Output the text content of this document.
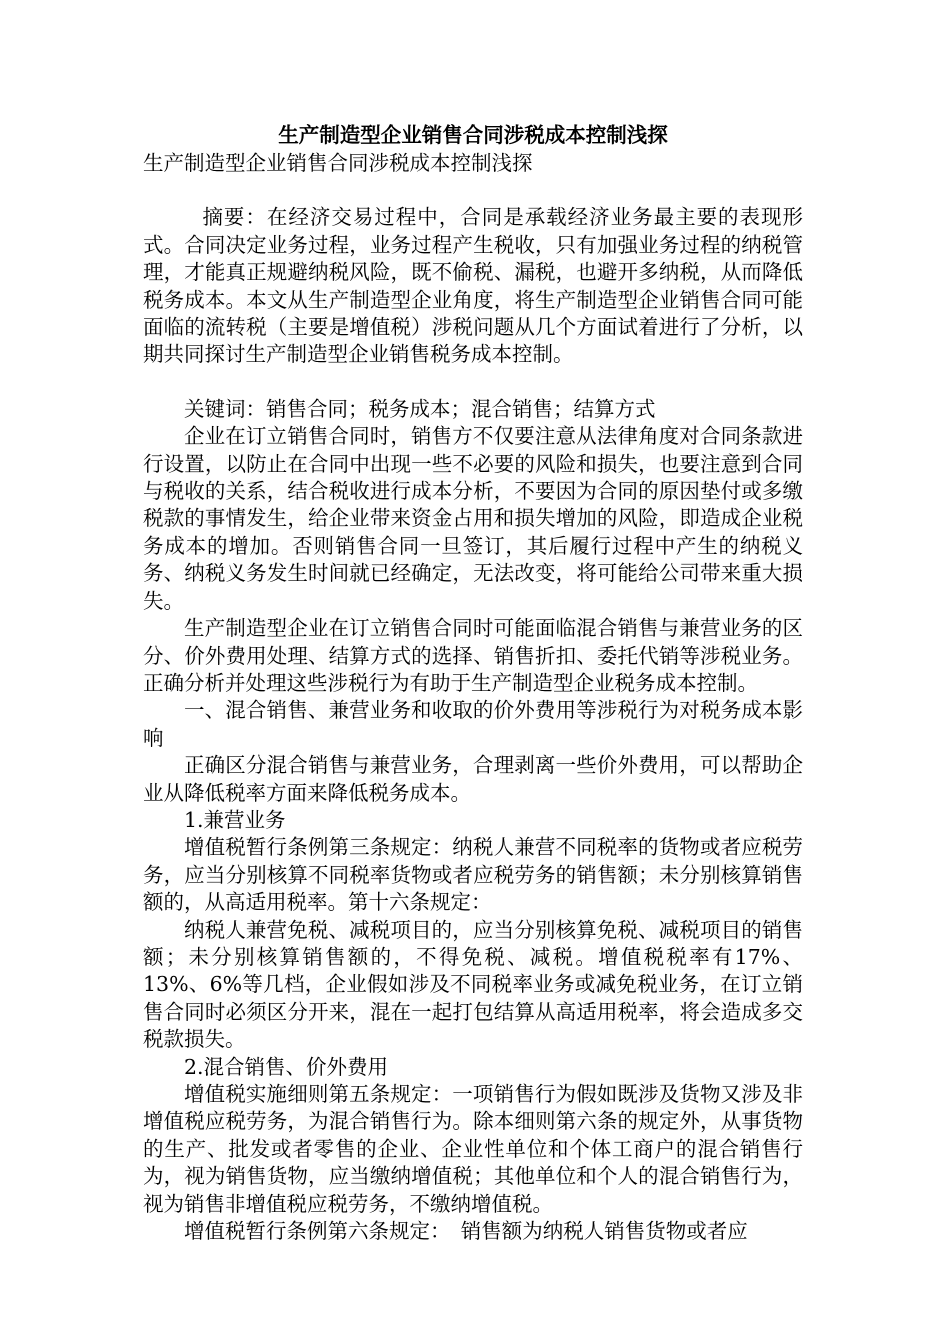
生产制造型企业销售合同涉税成本控制浅探

生产制造型企业销售合同涉税成本控制浅探

摘要：在经济交易过程中，合同是承载经济业务最主要的表现形式。合同决定业务过程，业务过程产生税收，只有加强业务过程的纳税管理，才能真正规避纳税风险，既不偷税、漏税，也避开多纳税，从而降低税务成本。本文从生产制造型企业角度，将生产制造型企业销售合同可能面临的流转税（主要是增值税）涉税问题从几个方面试着进行了分析，以期共同探讨生产制造型企业销售税务成本控制。

关键词：销售合同；税务成本；混合销售；结算方式

企业在订立销售合同时，销售方不仅要注意从法律角度对合同条款进行设置，以防止在合同中出现一些不必要的风险和损失，也要注意到合同与税收的关系，结合税收进行成本分析，不要因为合同的原因垫付或多缴税款的事情发生，给企业带来资金占用和损失增加的风险，即造成企业税务成本的增加。否则销售合同一旦签订，其后履行过程中产生的纳税义务、纳税义务发生时间就已经确定，无法改变，将可能给公司带来重大损失。

生产制造型企业在订立销售合同时可能面临混合销售与兼营业务的区分、价外费用处理、结算方式的选择、销售折扣、委托代销等涉税业务。正确分析并处理这些涉税行为有助于生产制造型企业税务成本控制。

一、混合销售、兼营业务和收取的价外费用等涉税行为对税务成本影响

正确区分混合销售与兼营业务，合理剥离一些价外费用，可以帮助企业从降低税率方面来降低税务成本。

1.兼营业务

增值税暂行条例第三条规定：纳税人兼营不同税率的货物或者应税劳务，应当分别核算不同税率货物或者应税劳务的销售额；未分别核算销售额的，从高适用税率。第十六条规定：

纳税人兼营免税、减税项目的，应当分别核算免税、减税项目的销售额；未分别核算销售额的，不得免税、减税。增值税税率有17%、13%、6%等几档，企业假如涉及不同税率业务或减免税业务，在订立销售合同时必须区分开来，混在一起打包结算从高适用税率，将会造成多交税款损失。

2.混合销售、价外费用

增值税实施细则第五条规定：一项销售行为假如既涉及货物又涉及非增值税应税劳务，为混合销售行为。除本细则第六条的规定外，从事货物的生产、批发或者零售的企业、企业性单位和个体工商户的混合销售行为，视为销售货物，应当缴纳增值税；其他单位和个人的混合销售行为，视为销售非增值税应税劳务，不缴纳增值税。

增值税暂行条例第六条规定：　销售额为纳税人销售货物或者应
